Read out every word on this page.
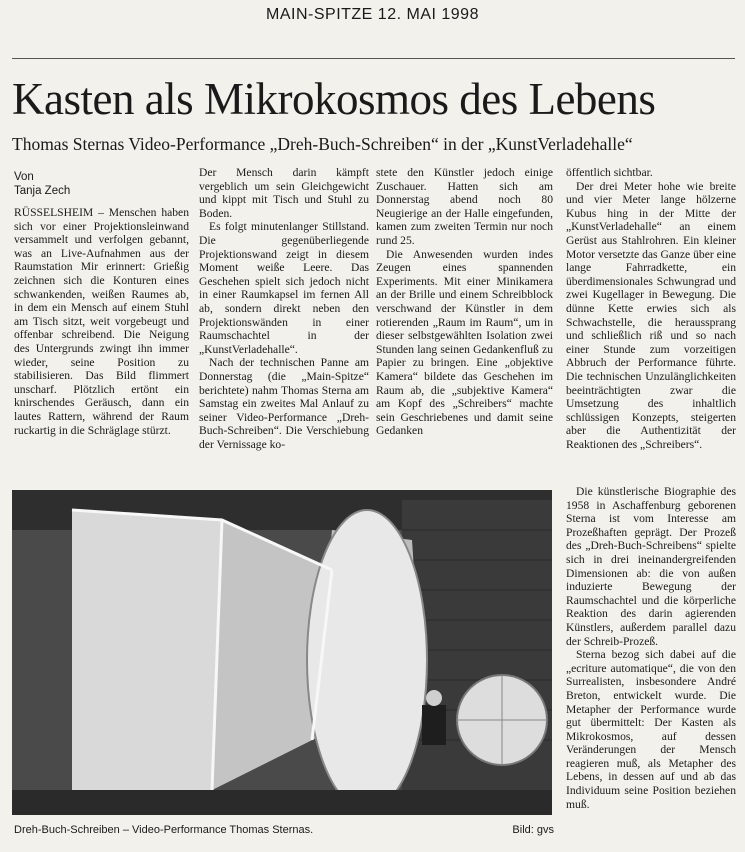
MAIN-SPITZE 12. MAI 1998
Kasten als Mikrokosmos des Lebens
Thomas Sternas Video-Performance „Dreh-Buch-Schreiben“ in der „KunstVerladehalle“
Von
Tanja Zech

RÜSSELSHEIM – Menschen haben sich vor einer Projektionsleinwand versammelt und verfolgen gebannt, was an Live-Aufnahmen aus der Raumstation Mir erinnert: Grießig zeichnen sich die Konturen eines schwankenden, weißen Raumes ab, in dem ein Mensch auf einem Stuhl am Tisch sitzt, weit vorgebeugt und offenbar schreibend. Die Neigung des Untergrunds zwingt ihn immer wieder, seine Position zu stabilisieren. Das Bild flimmert unscharf. Plötzlich ertönt ein knirschendes Geräusch, dann ein lautes Rattern, während der Raum ruckartig in die Schräglage stürzt.

Der Mensch darin kämpft vergeblich um sein Gleichgewicht und kippt mit Tisch und Stuhl zu Boden.

Es folgt minutenlanger Stillstand. Die gegenüberliegende Projektionswand zeigt in diesem Moment weiße Leere. Das Geschehen spielt sich jedoch nicht in einer Raumkapsel im fernen All ab, sondern direkt neben den Projektionswänden in einer Raumschachtel in der „KunstVerladehalle“.

Nach der technischen Panne am Donnerstag (die „Main-Spitze“ berichtete) nahm Thomas Sterna am Samstag ein zweites Mal Anlauf zu seiner Video-Performance „Dreh-Buch-Schreiben“. Die Verschiebung der Vernissage ko-

stete den Künstler jedoch einige Zuschauer. Hatten sich am Donnerstag abend noch 80 Neugierige an der Halle eingefunden, kamen zum zweiten Termin nur noch rund 25.

Die Anwesenden wurden indes Zeugen eines spannenden Experiments. Mit einer Minikamera an der Brille und einem Schreibblock verschwand der Künstler in dem rotierenden „Raum im Raum“, um in dieser selbstgewählten Isolation zwei Stunden lang seinen Gedankenfluß zu Papier zu bringen. Eine „objektive Kamera“ bildete das Geschehen im Raum ab, die „subjektive Kamera“ am Kopf des „Schreibers“ machte sein Geschriebenes und damit seine Gedanken

öffentlich sichtbar.

Der drei Meter hohe wie breite und vier Meter lange hölzerne Kubus hing in der Mitte der „KunstVerladehalle“ an einem Gerüst aus Stahlrohren. Ein kleiner Motor versetzte das Ganze über eine lange Fahrradkette, ein überdimensionales Schwungrad und zwei Kugellager in Bewegung. Die dünne Kette erwies sich als Schwachstelle, die heraussprang und schließlich riß und so nach einer Stunde zum vorzeitigen Abbruch der Performance führte. Die technischen Unzulänglichkeiten beeinträchtigten zwar die Umsetzung des inhaltlich schlüssigen Konzepts, steigerten aber die Authentizität der Reaktionen des „Schreibers“.

Die künstlerische Biographie des 1958 in Aschaffenburg geborenen Sterna ist vom Interesse am Prozeßhaften geprägt. Der Prozeß des „Dreh-Buch-Schreibens“ spielte sich in drei ineinandergreifenden Dimensionen ab: die von außen induzierte Bewegung der Raumschachtel und die körperliche Reaktion des darin agierenden Künstlers, außerdem parallel dazu der Schreib-Prozeß.

Sterna bezog sich dabei auf die „ecriture automatique“, die von den Surrealisten, insbesondere André Breton, entwickelt wurde. Die Metapher der Performance wurde gut übermittelt: Der Kasten als Mikrokosmos, auf dessen Veränderungen der Mensch reagieren muß, als Metapher des Lebens, in dessen auf und ab das Individuum seine Position beziehen muß.

Dreh-Buch-Schreiben – Video-Performance Thomas Sternas.	Bild: gvs
